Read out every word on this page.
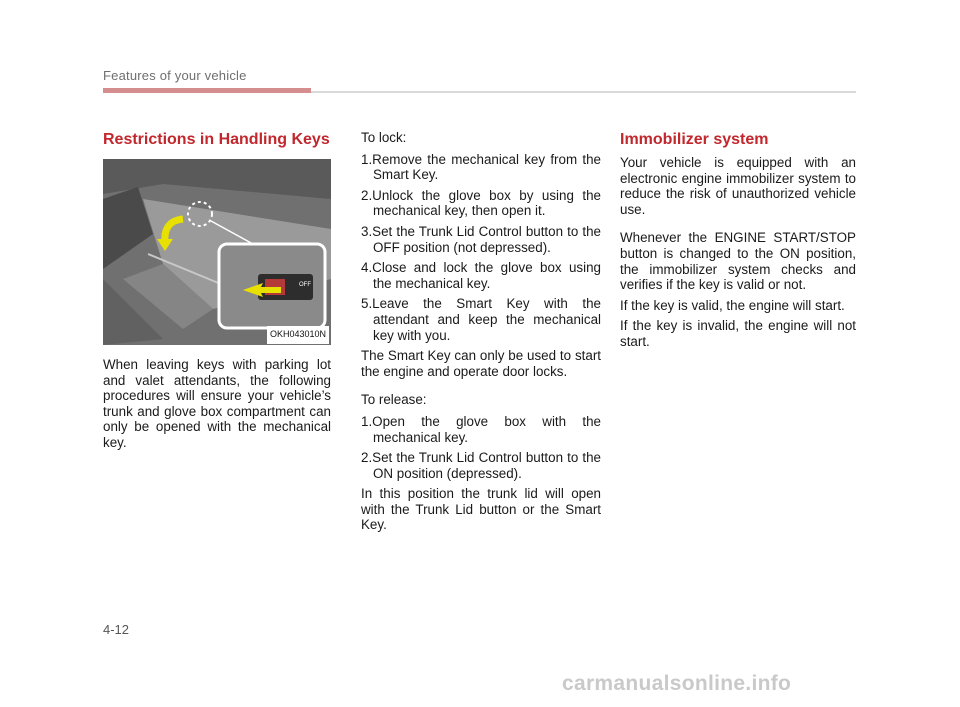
Features of your vehicle
Restrictions in Handling Keys
OFF
OKH043010N

When leaving keys with parking lot and valet attendants, the following procedures will ensure your vehicle’s trunk and glove box compartment can only be opened with the mechanical key.

To lock:

1.Remove the mechanical key from the Smart Key.
2.Unlock the glove box by using the mechanical key, then open it.
3.Set the Trunk Lid Control button to the OFF position (not depressed).
4.Close and lock the glove box using the mechanical key.
5.Leave the Smart Key with the attendant and keep the mechanical key with you.

The Smart Key can only be used to start the engine and operate door locks.

To release:

1.Open the glove box with the mechanical key.
2.Set the Trunk Lid Control button to the ON position (depressed).

In this position the trunk lid will open with the Trunk Lid button or the Smart Key.

Immobilizer system

Your vehicle is equipped with an electronic engine immobilizer system to reduce the risk of unauthorized vehicle use.

Whenever the ENGINE START/STOP button is changed to the ON position, the immobilizer system checks and verifies if the key is valid or not.

If the key is valid, the engine will start.

If the key is invalid, the engine will not start.

4-12
carmanualsonline.info
